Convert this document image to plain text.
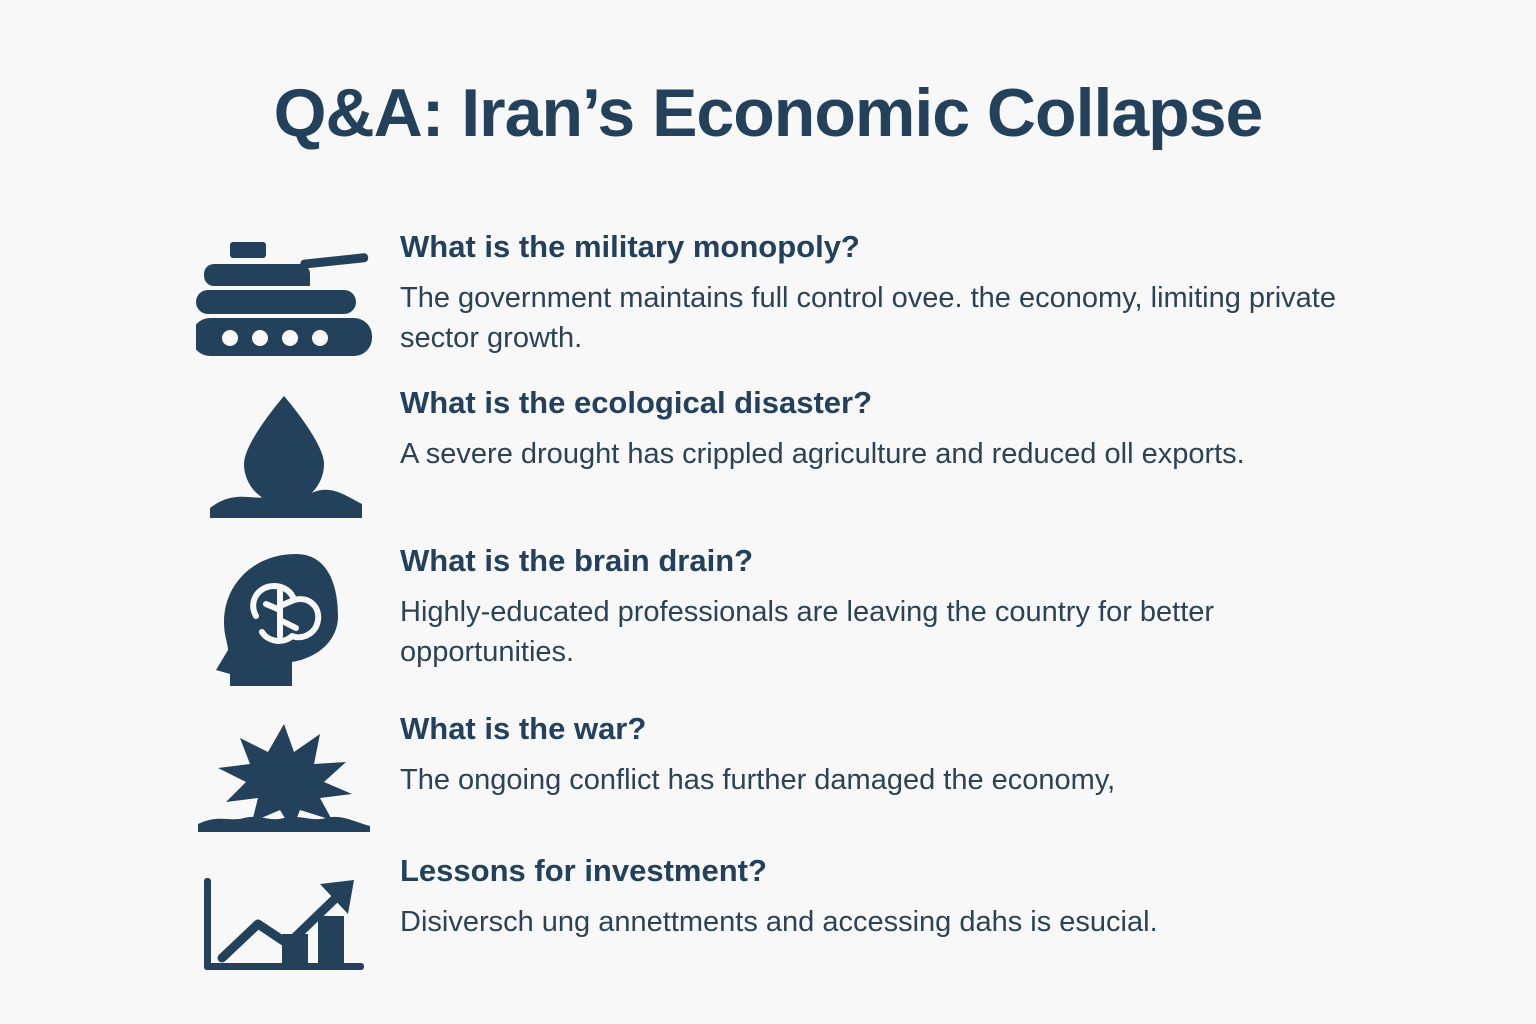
Q&A: Iran’s Economic Collapse

What is the military monopoly?

The government maintains full control ovee. the economy, limiting private sector growth.

What is the ecological disaster?

A severe drought has crippled agriculture and reduced oll exports.

What is the brain drain?

Highly-educated professionals are leaving the country for better opportunities.

What is the war?

The ongoing conflict has further damaged the economy,

Lessons for investment?

Disiversch ung annettments and accessing dahs is esucial.
